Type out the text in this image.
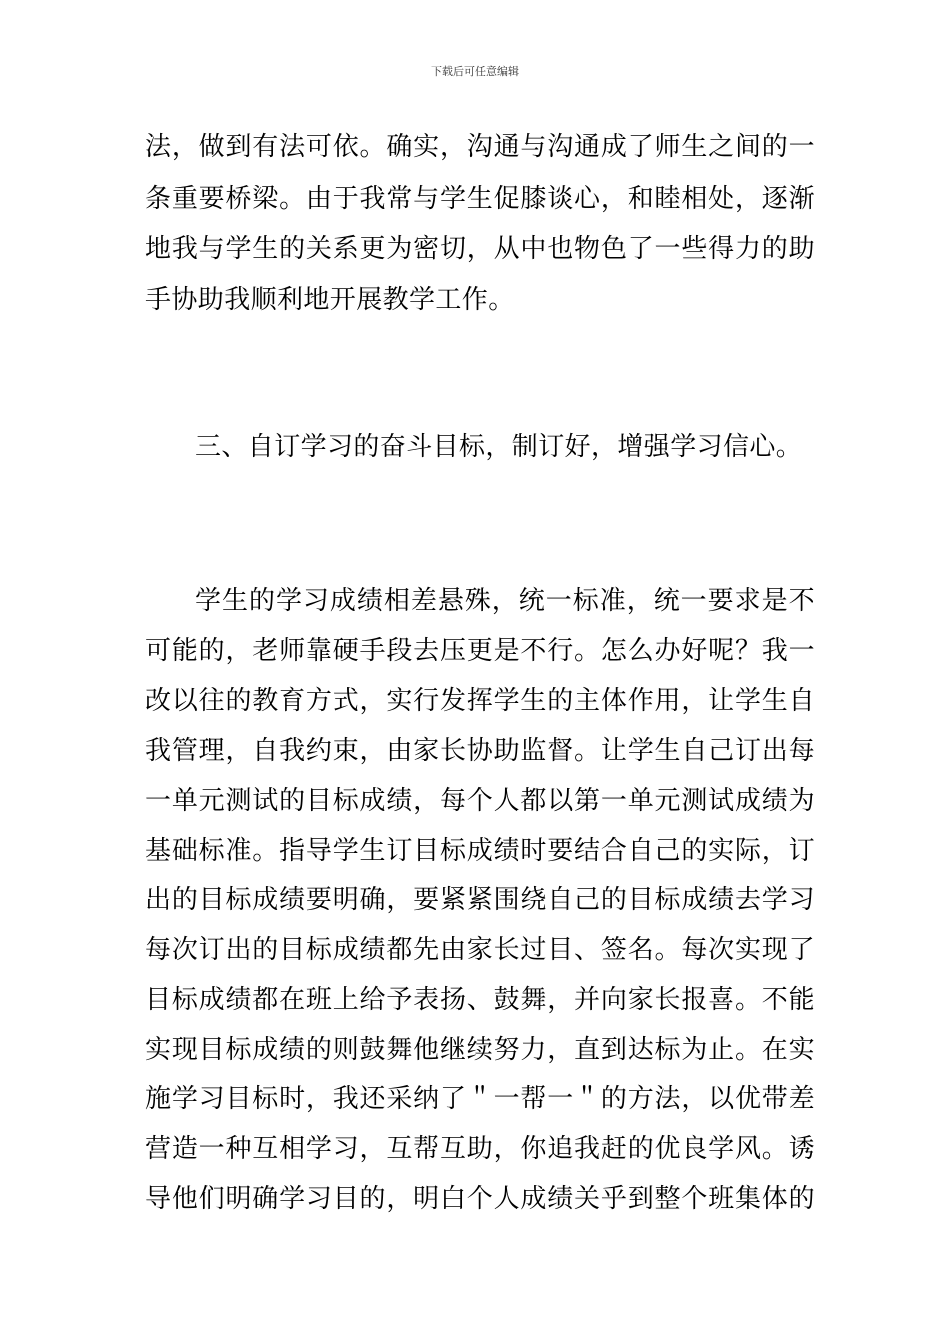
下载后可任意编辑
法，做到有法可依。确实，沟通与沟通成了师生之间的一
条重要桥梁。由于我常与学生促膝谈心，和睦相处，逐渐
地我与学生的关系更为密切，从中也物色了一些得力的助
手协助我顺利地开展教学工作。
三、自订学习的奋斗目标，制订好，增强学习信心。
学生的学习成绩相差悬殊，统一标准，统一要求是不
可能的，老师靠硬手段去压更是不行。怎么办好呢？我一
改以往的教育方式，实行发挥学生的主体作用，让学生自
我管理，自我约束，由家长协助监督。让学生自己订出每
一单元测试的目标成绩，每个人都以第一单元测试成绩为
基础标准。指导学生订目标成绩时要结合自己的实际，订
出的目标成绩要明确，要紧紧围绕自己的目标成绩去学习
每次订出的目标成绩都先由家长过目、签名。每次实现了
目标成绩都在班上给予表扬、鼓舞，并向家长报喜。不能
实现目标成绩的则鼓舞他继续努力，直到达标为止。在实
施学习目标时，我还采纳了＂一帮一＂的方法，以优带差
营造一种互相学习，互帮互助，你追我赶的优良学风。诱
导他们明确学习目的，明白个人成绩关乎到整个班集体的
